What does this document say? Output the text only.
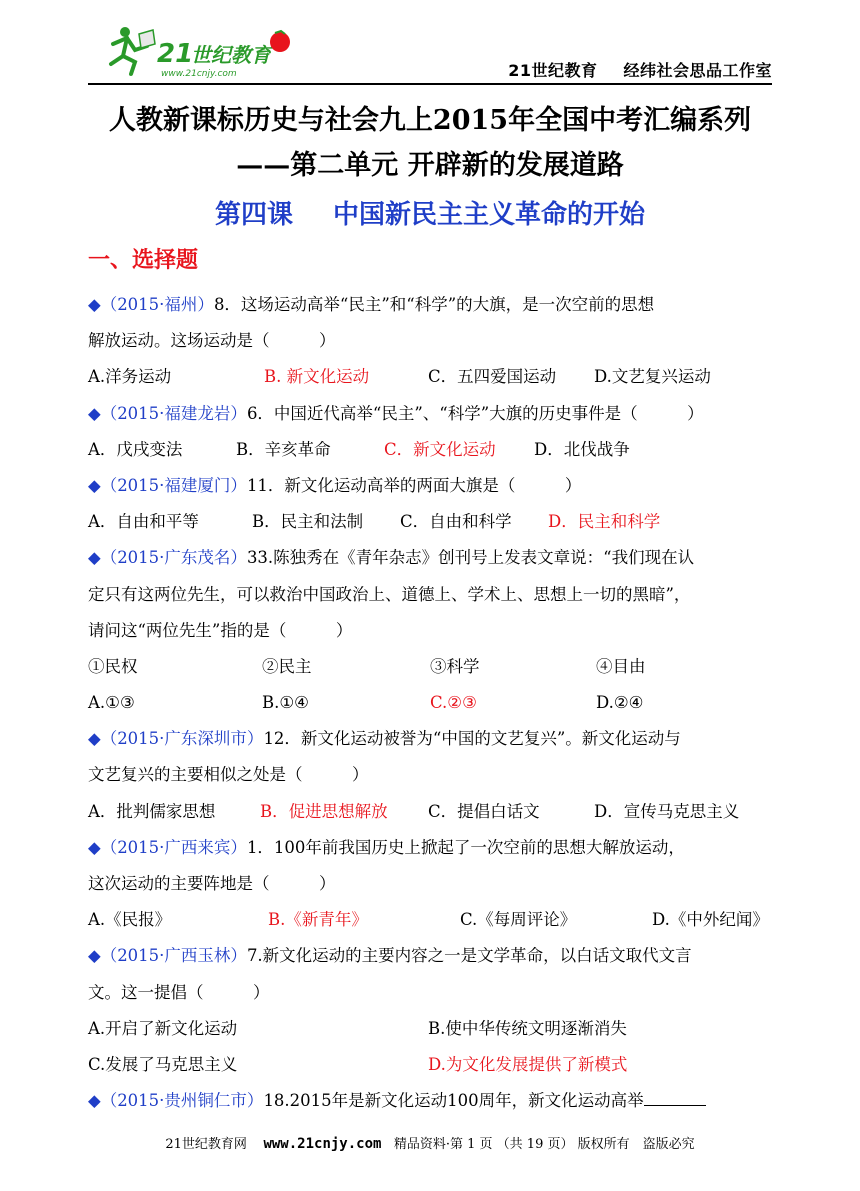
21
世纪教育
www.21cnjy.com	21世纪教育 经纬社会思品工作室
人教新课标历史与社会九上2015年全国中考汇编系列
——第二单元 开辟新的发展道路
第四课 中国新民主主义革命的开始
一、选择题
◆（2015·福州）8．这场运动高举“民主”和“科学”的大旗，是一次空前的思想
解放运动。这场运动是（　　　）
A.洋务运动	B. 新文化运动	C．五四爱国运动	D.文艺复兴运动
◆（2015·福建龙岩）6．中国近代高举“民主”、“科学”大旗的历史事件是（　　　）
A．戊戌变法	B．辛亥革命	C．新文化运动	D．北伐战争
◆（2015·福建厦门）11．新文化运动高举的两面大旗是（　　　）
A．自由和平等	B．民主和法制	C．自由和科学	D．民主和科学
◆（2015·广东茂名）33.陈独秀在《青年杂志》创刊号上发表文章说：“我们现在认
定只有这两位先生，可以救治中国政治上、道德上、学术上、思想上一切的黑暗”，
请问这“两位先生”指的是（　　　）
①民权	②民主	③科学	④目由
A.①③	B.①④	C.②③	D.②④
◆（2015·广东深圳市）12．新文化运动被誉为“中国的文艺复兴”。新文化运动与
文艺复兴的主要相似之处是（　　　）
A．批判儒家思想	B．促进思想解放	C．提倡白话文	D．宣传马克思主义
◆（2015·广西来宾）1．100年前我国历史上掀起了一次空前的思想大解放运动，
这次运动的主要阵地是（　　　）
A.《民报》	B.《新青年》	C.《每周评论》	D.《中外纪闻》
◆（2015·广西玉林）7.新文化运动的主要内容之一是文学革命，以白话文取代文言
文。这一提倡（　　　）
A.开启了新文化运动	B.使中华传统文明逐渐消失
C.发展了马克思主义	D.为文化发展提供了新模式
◆（2015·贵州铜仁市）18.2015年是新文化运动100周年，新文化运动高举
21世纪教育网 www.21cnjy.com 精品资料·第 1 页 （共 19 页） 版权所有　盗版必究
